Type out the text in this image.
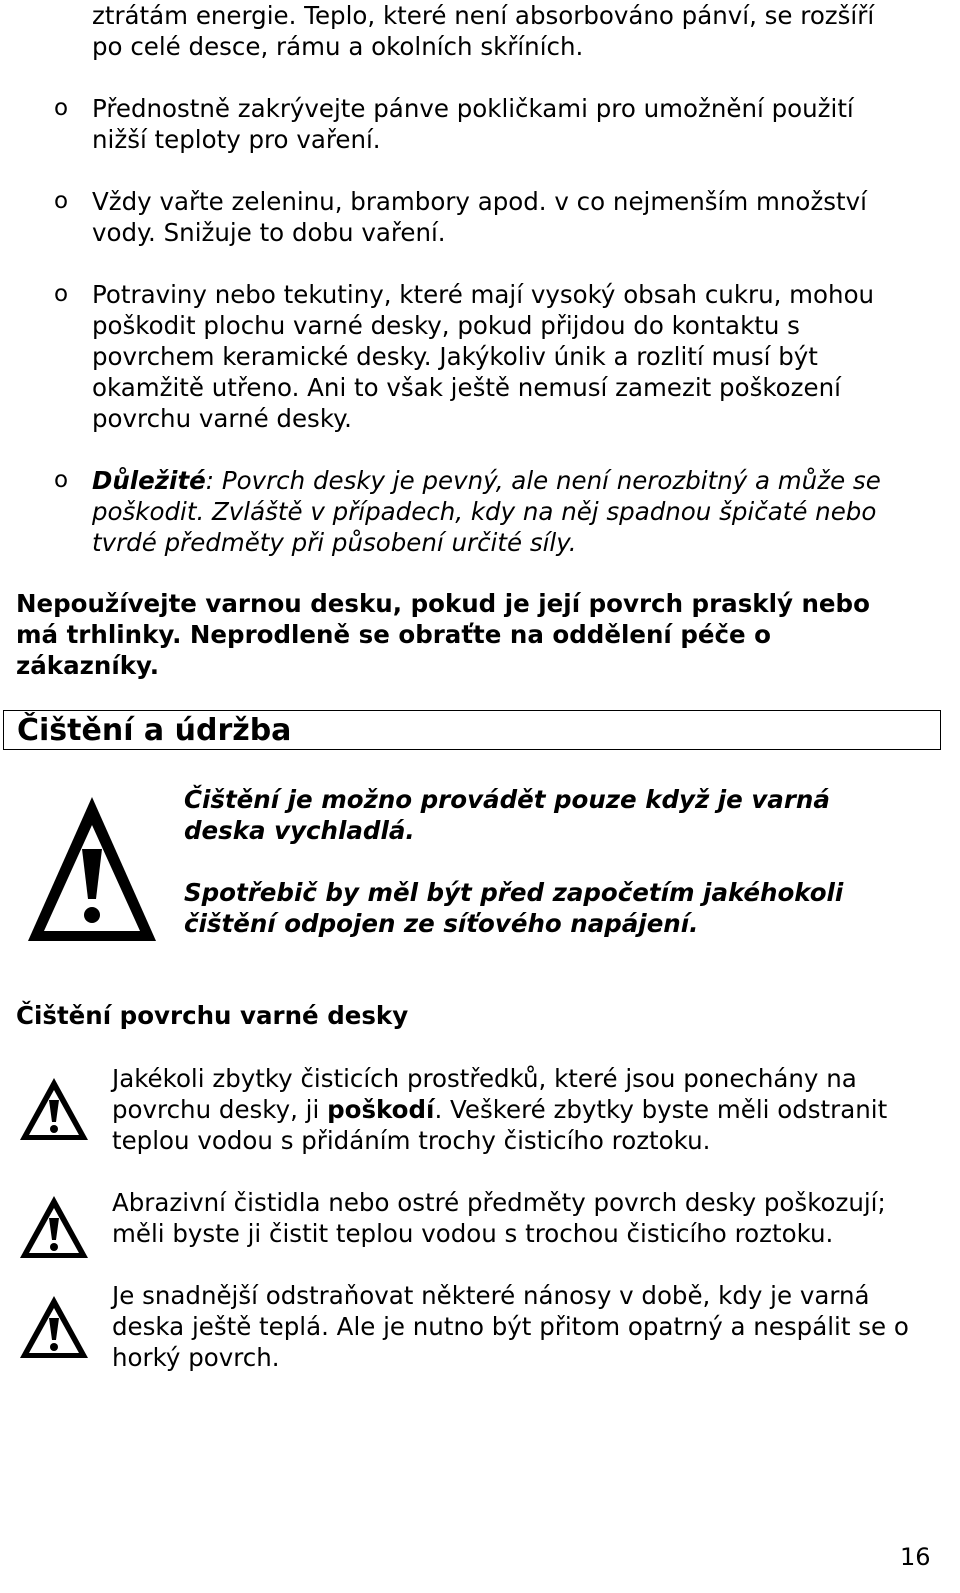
ztrátám energie. Teplo, které není absorbováno pánví, se rozšíří
po celé desce, rámu a okolních skříních.

o Přednostně zakrývejte pánve pokličkami pro umožnění použití nižší teploty pro vaření.

o Vždy vařte zeleninu, brambory apod. v co nejmenším množství vody. Snižuje to dobu vaření.

o Potraviny nebo tekutiny, které mají vysoký obsah cukru, mohou poškodit plochu varné desky, pokud přijdou do kontaktu s povrchem keramické desky. Jakýkoliv únik a rozlití musí být okamžitě utřeno. Ani to však ještě nemusí zamezit poškození povrchu varné desky.

o Důležité: Povrch desky je pevný, ale není nerozbitný a může se poškodit. Zvláště v případech, kdy na něj spadnou špičaté nebo tvrdé předměty při působení určité síly.

Nepoužívejte varnou desku, pokud je její povrch prasklý nebo má trhlinky. Neprodleně se obraťte na oddělení péče o zákazníky.

Čištění a údržba

Čištění je možno provádět pouze když je varná deska vychladlá.

Spotřebič by měl být před započetím jakéhokoli čištění odpojen ze síťového napájení.

Čištění povrchu varné desky

Jakékoli zbytky čisticích prostředků, které jsou ponechány na povrchu desky, ji poškodí. Veškeré zbytky byste měli odstranit teplou vodou s přidáním trochy čisticího roztoku.

Abrazivní čistidla nebo ostré předměty povrch desky poškozují; měli byste ji čistit teplou vodou s trochou čisticího roztoku.

Je snadnější odstraňovat některé nánosy v době, kdy je varná deska ještě teplá. Ale je nutno být přitom opatrný a nespálit se o horký povrch.

16
